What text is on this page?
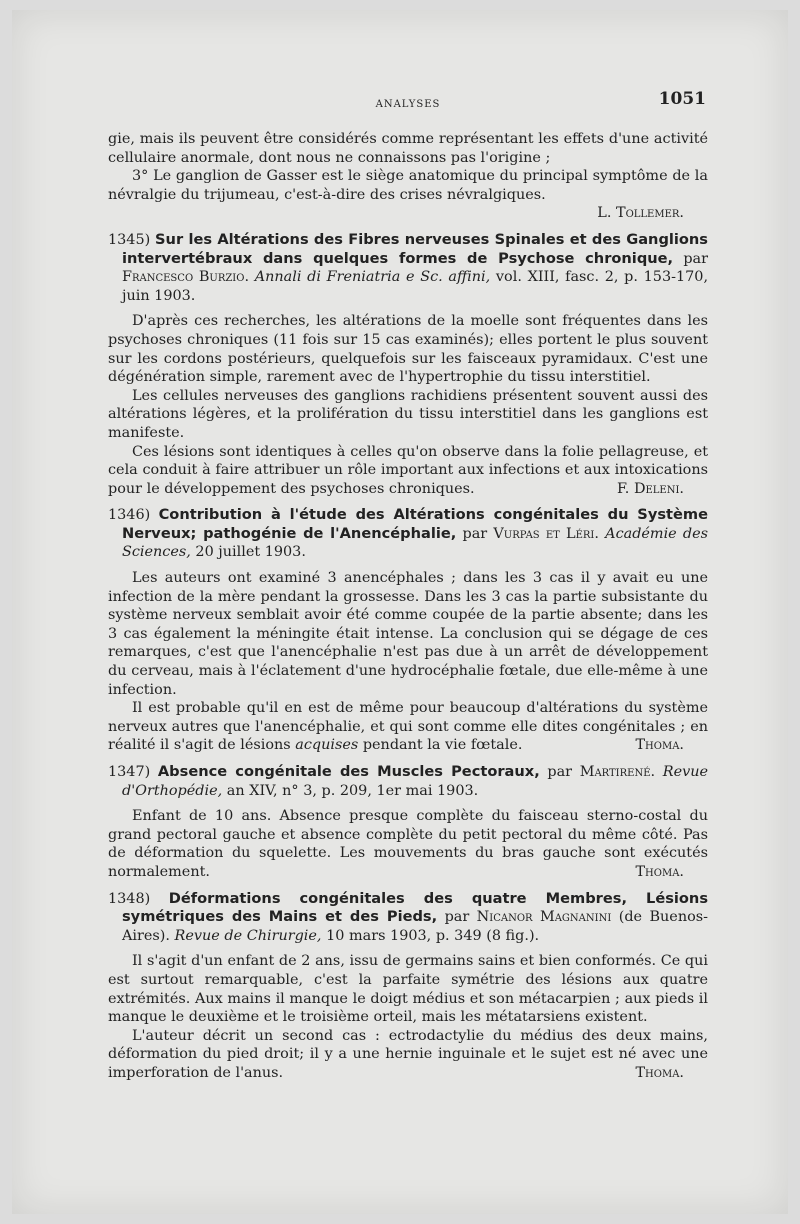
ANALYSES	1051

gie, mais ils peuvent être considérés comme représentant les effets d'une activité cellulaire anormale, dont nous ne connaissons pas l'origine ;

3° Le ganglion de Gasser est le siège anatomique du principal symptôme de la névralgie du trijumeau, c'est-à-dire des crises névralgiques.

L. Tollemer.

1345) Sur les Altérations des Fibres nerveuses Spinales et des Ganglions intervertébraux dans quelques formes de Psychose chronique, par Francesco Burzio. Annali di Freniatria e Sc. affini, vol. XIII, fasc. 2, p. 153-170, juin 1903.

D'après ces recherches, les altérations de la moelle sont fréquentes dans les psychoses chroniques (11 fois sur 15 cas examinés); elles portent le plus souvent sur les cordons postérieurs, quelquefois sur les faisceaux pyramidaux. C'est une dégénération simple, rarement avec de l'hypertrophie du tissu interstitiel.

Les cellules nerveuses des ganglions rachidiens présentent souvent aussi des altérations légères, et la prolifération du tissu interstitiel dans les ganglions est manifeste.

Ces lésions sont identiques à celles qu'on observe dans la folie pellagreuse, et cela conduit à faire attribuer un rôle important aux infections et aux intoxications pour le développement des psychoses chroniques.	F. Deleni.

1346) Contribution à l'étude des Altérations congénitales du Système Nerveux; pathogénie de l'Anencéphalie, par Vurpas et Léri. Académie des Sciences, 20 juillet 1903.

Les auteurs ont examiné 3 anencéphales ; dans les 3 cas il y avait eu une infection de la mère pendant la grossesse. Dans les 3 cas la partie subsistante du système nerveux semblait avoir été comme coupée de la partie absente; dans les 3 cas également la méningite était intense. La conclusion qui se dégage de ces remarques, c'est que l'anencéphalie n'est pas due à un arrêt de développement du cerveau, mais à l'éclatement d'une hydrocéphalie fœtale, due elle-même à une infection.

Il est probable qu'il en est de même pour beaucoup d'altérations du système nerveux autres que l'anencéphalie, et qui sont comme elle dites congénitales ; en réalité il s'agit de lésions acquises pendant la vie fœtale.	Thoma.

1347) Absence congénitale des Muscles Pectoraux, par Martirené. Revue d'Orthopédie, an XIV, n° 3, p. 209, 1er mai 1903.

Enfant de 10 ans. Absence presque complète du faisceau sterno-costal du grand pectoral gauche et absence complète du petit pectoral du même côté. Pas de déformation du squelette. Les mouvements du bras gauche sont exécutés normalement.	Thoma.

1348) Déformations congénitales des quatre Membres, Lésions symétriques des Mains et des Pieds, par Nicanor Magnanini (de Buenos-Aires). Revue de Chirurgie, 10 mars 1903, p. 349 (8 fig.).

Il s'agit d'un enfant de 2 ans, issu de germains sains et bien conformés. Ce qui est surtout remarquable, c'est la parfaite symétrie des lésions aux quatre extrémités. Aux mains il manque le doigt médius et son métacarpien ; aux pieds il manque le deuxième et le troisième orteil, mais les métatarsiens existent.

L'auteur décrit un second cas : ectrodactylie du médius des deux mains, déformation du pied droit; il y a une hernie inguinale et le sujet est né avec une imperforation de l'anus.	Thoma.
